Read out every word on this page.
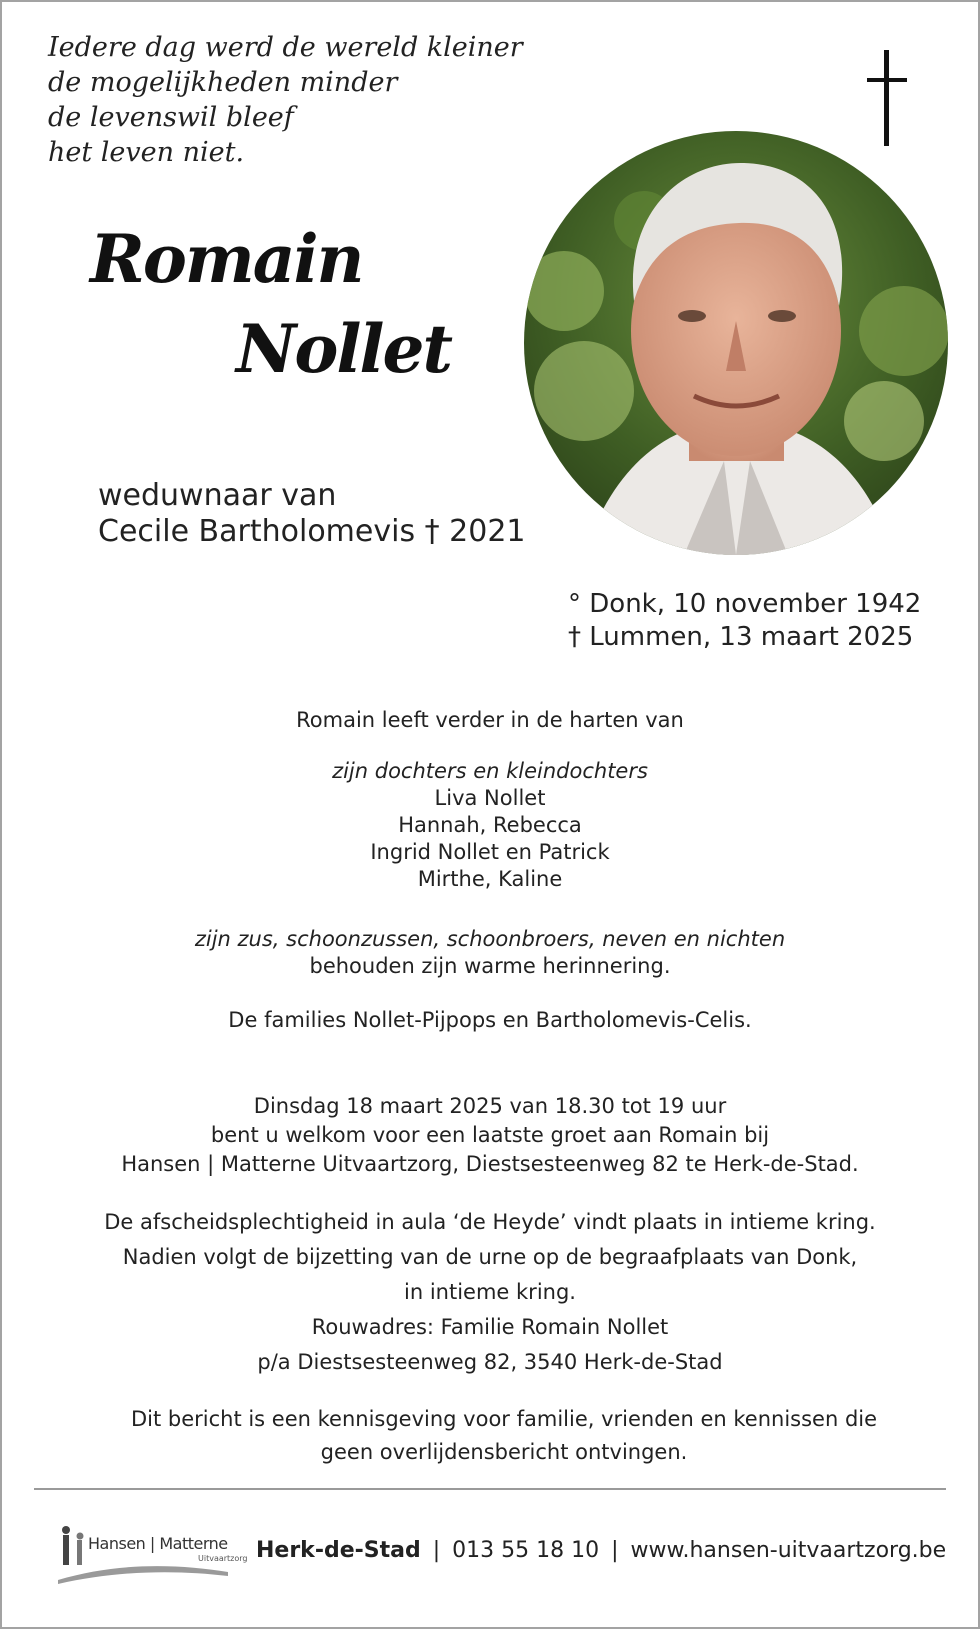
Iedere dag werd de wereld kleiner
de mogelijkheden minder
de levenswil bleef
het leven niet.
Romain
Nollet
weduwnaar van
Cecile Bartholomevis † 2021
° Donk, 10 november 1942
† Lummen, 13 maart 2025
Romain leeft verder in de harten van
zijn dochters en kleindochters
Liva Nollet
Hannah, Rebecca
Ingrid Nollet en Patrick
Mirthe, Kaline
zijn zus, schoonzussen, schoonbroers, neven en nichten
behouden zijn warme herinnering.
De families Nollet-Pijpops en Bartholomevis-Celis.
Dinsdag 18 maart 2025 van 18.30 tot 19 uur
bent u welkom voor een laatste groet aan Romain bij
Hansen | Matterne Uitvaartzorg, Diestsesteenweg 82 te Herk-de-Stad.
De afscheidsplechtigheid in aula ‘de Heyde’ vindt plaats in intieme kring.
Nadien volgt de bijzetting van de urne op de begraafplaats van Donk,
in intieme kring.
Rouwadres: Familie Romain Nollet
p/a Diestsesteenweg 82, 3540 Herk-de-Stad
Dit bericht is een kennisgeving voor familie, vrienden en kennissen die
geen overlijdensbericht ontvingen.
Hansen | Matterne
Uitvaartzorg Herk-de-Stad | 013 55 18 10 | www.hansen-uitvaartzorg.be
